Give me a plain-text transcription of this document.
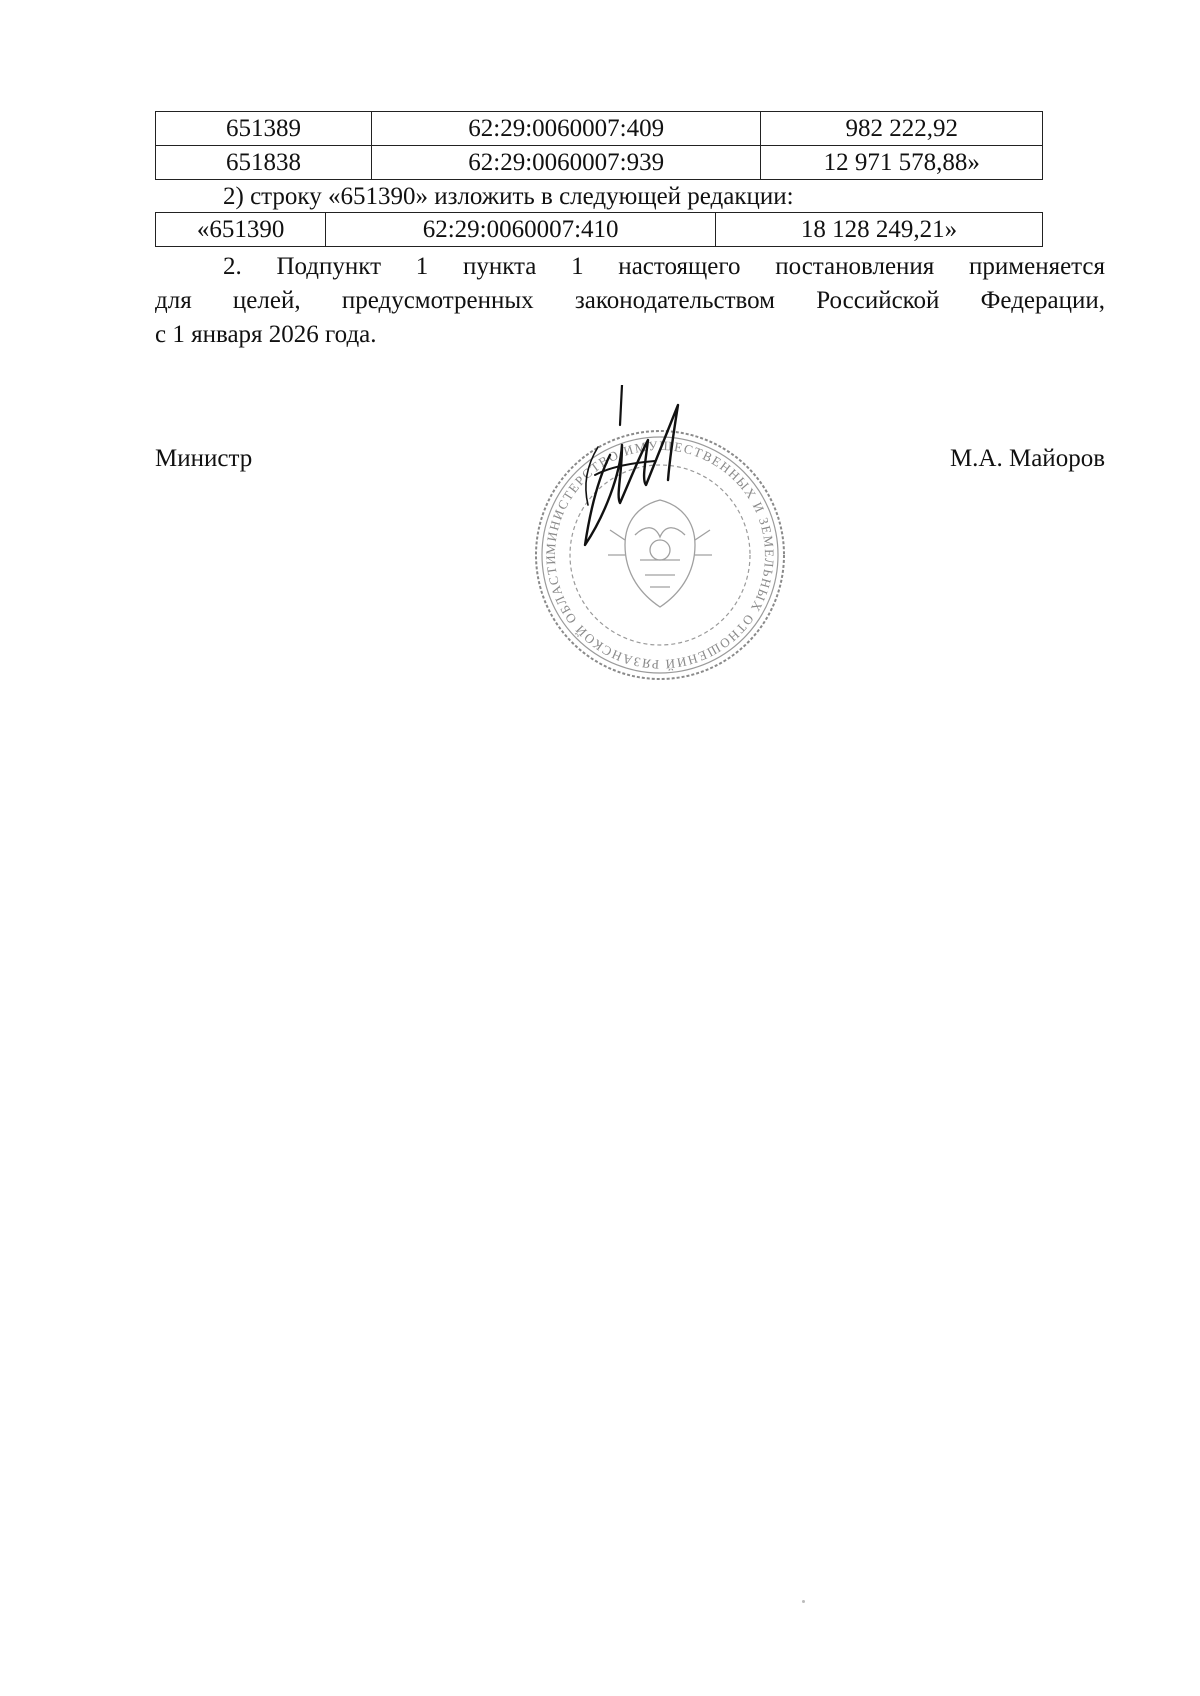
651389	62:29:0060007:409	982 222,92
651838	62:29:0060007:939	12 971 578,88»
2) строку «651390» изложить в следующей редакции:
«651390	62:29:0060007:410	18 128 249,21»
2. Подпункт 1 пункта 1 настоящего постановления применяется
для целей, предусмотренных законодательством Российской Федерации,
с 1 января 2026 года.
Министр	М.А. Майоров
МИНИСТЕРСТВО ИМУЩЕСТВЕННЫХ И ЗЕМЕЛЬНЫХ ОТНОШЕНИЙ РЯЗАНСКОЙ ОБЛАСТИ
